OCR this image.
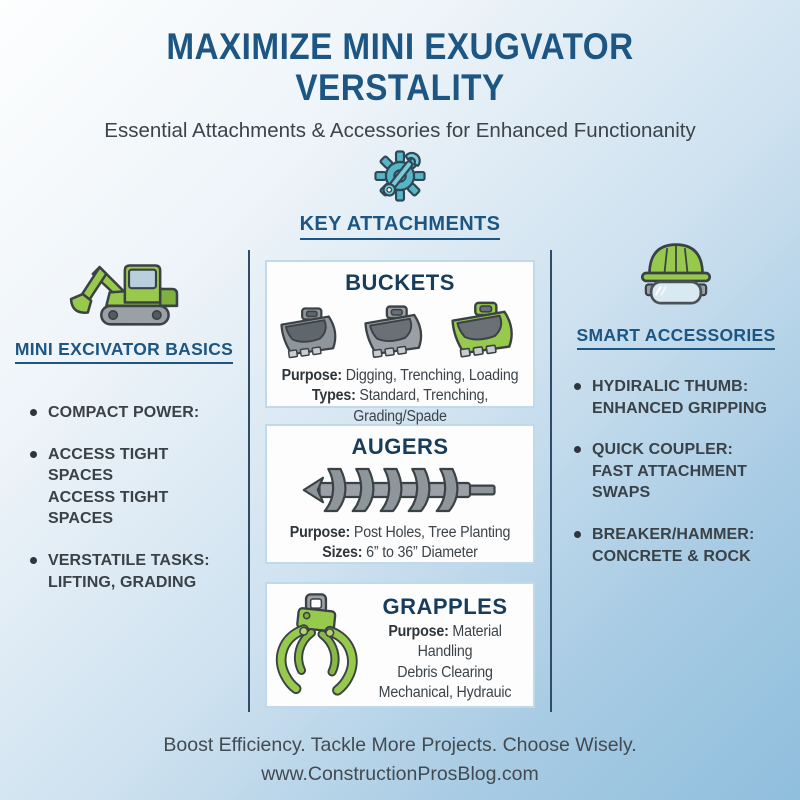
MAXIMIZE MINI EXUGVATOR
VERSTALITY

Essential Attachments & Accessories for Enhanced Functionanity

KEY ATTACHMENTS
MINI EXCIVATOR BASICS
COMPACT POWER:
ACCESS TIGHT SPACES
ACCESS TIGHT SPACES
VERSTATILE TASKS:
LIFTING, GRADING
BUCKETS
Purpose: Digging, Trenching, Loading
Types: Standard, Trenching, Grading/Spade
AUGERS
Purpose: Post Holes, Tree Planting
Sizes: 6” to 36” Diameter
GRAPPLES
Purpose: Material Handling
Debris Clearing
Mechanical, Hydrauic
SMART ACCESSORIES
HYDIRALIC THUMB:
ENHANCED GRIPPING
QUICK COUPLER:
FAST ATTACHMENT SWAPS
BREAKER/HAMMER:
CONCRETE & ROCK

Boost Efficiency. Tackle More Projects. Choose Wisely.

www.ConstructionProsBlog.com
